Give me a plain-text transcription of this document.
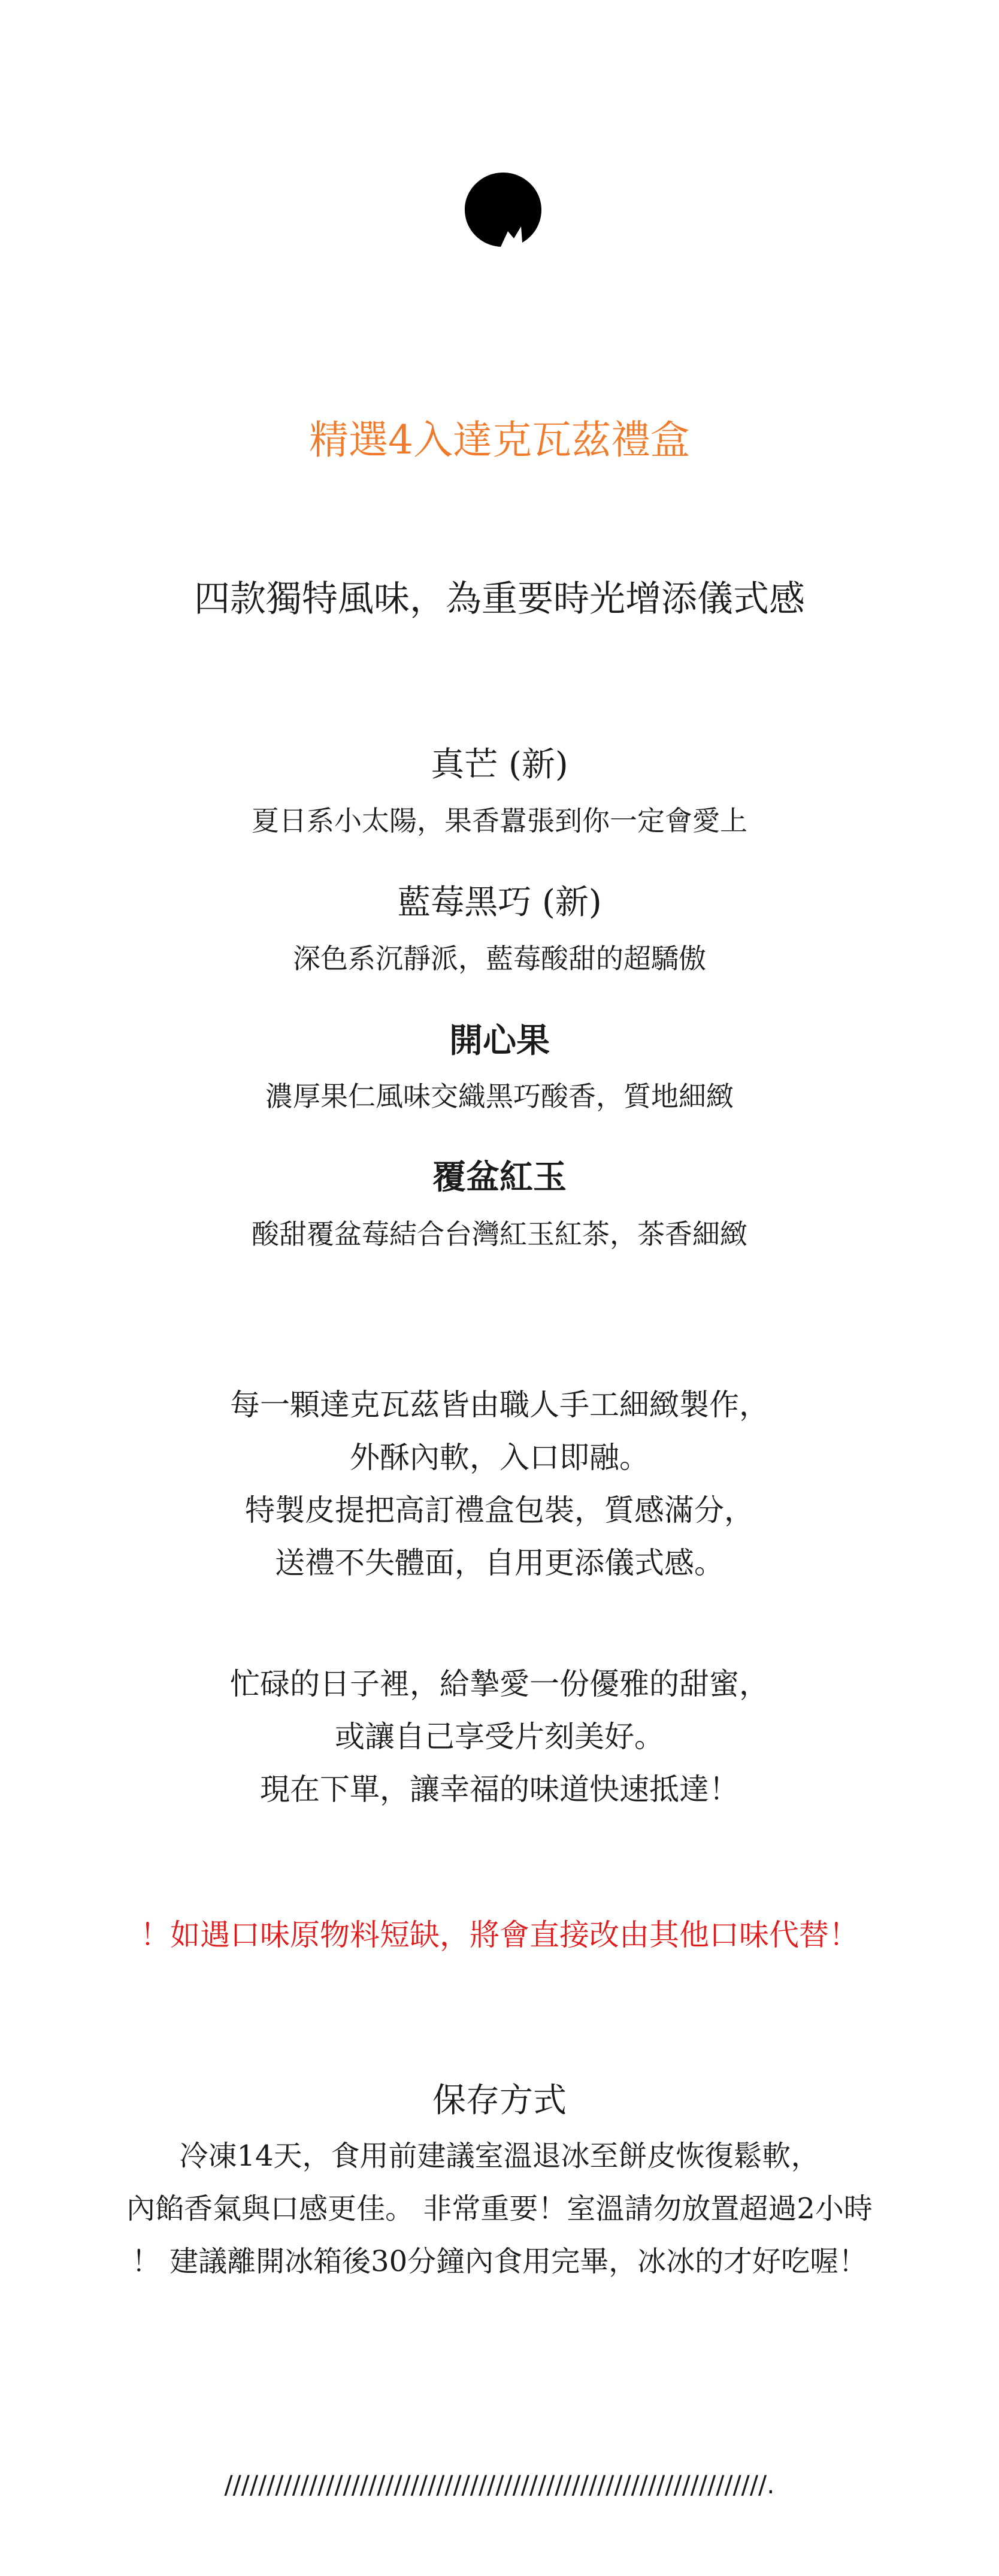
精選4入達克瓦茲禮盒

四款獨特風味，為重要時光增添儀式感

真芒 (新)

夏日系小太陽，果香囂張到你一定會愛上

藍莓黑巧 (新)

深色系沉靜派，藍莓酸甜的超驕傲

開心果

濃厚果仁風味交織黑巧酸香，質地細緻

覆盆紅玉

酸甜覆盆莓結合台灣紅玉紅茶，茶香細緻

每一顆達克瓦茲皆由職人手工細緻製作，

外酥內軟，入口即融。

特製皮提把高訂禮盒包裝，質感滿分，

送禮不失體面，自用更添儀式感。

忙碌的日子裡，給摯愛一份優雅的甜蜜，

或讓自己享受片刻美好。

現在下單，讓幸福的味道快速抵達！

！如遇口味原物料短缺，將會直接改由其他口味代替！

保存方式

冷凍14天，食用前建議室溫退冰至餅皮恢復鬆軟，

內餡香氣與口感更佳。 非常重要！室溫請勿放置超過2小時

！ 建議離開冰箱後30分鐘內食用完畢，冰冰的才好吃喔！

////////////////////////////////////////////////////////////////.
